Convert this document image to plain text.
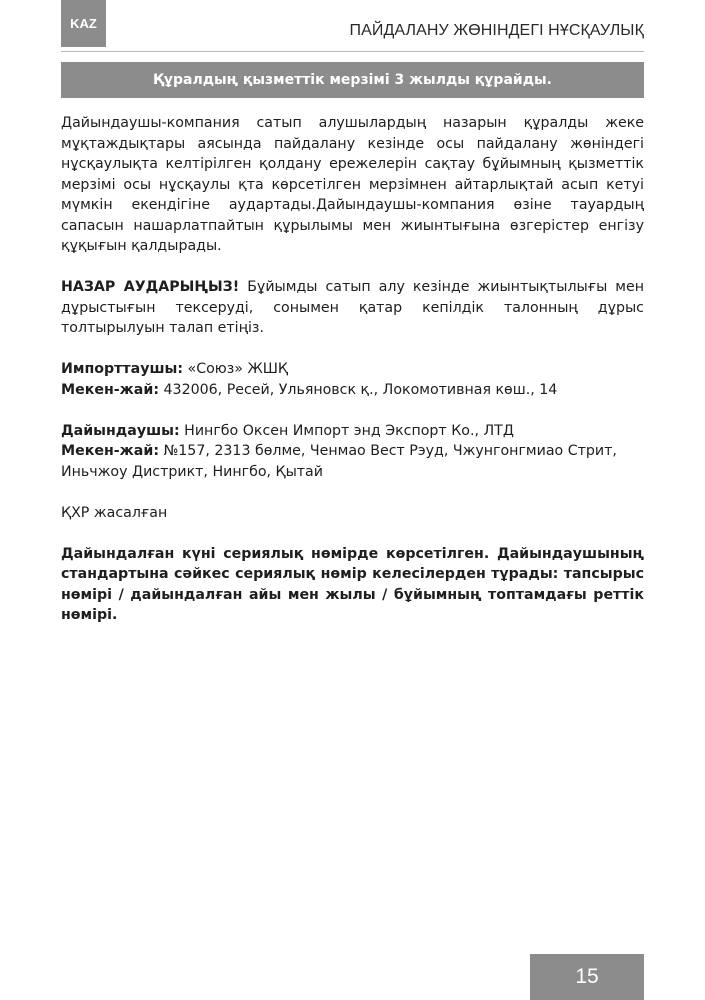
KAZ	ПАЙДАЛАНУ ЖӨНІНДЕГІ НҰСҚАУЛЫҚ
Құралдың қызметтік мерзімі 3 жылды құрайды.

Дайындаушы-компания сатып алушылардың назарын құралды жеке мұқтаждықтары аясында пайдалану кезінде осы пайдалану жөніндегі нұсқаулықта келтірілген қолдану ережелерін сақтау бұйымның қызметтік мерзімі осы нұсқаулы қта көрсетілген мерзімнен айтарлықтай асып кетуі мүмкін екендігіне аудартады.Дайындаушы-компания өзіне тауардың сапасын нашарлатпайтын құрылымы мен жиынтығына өзгерістер енгізу құқығын қалдырады.

НАЗАР АУДАРЫҢЫЗ! Бұйымды сатып алу кезінде жиынтықтылығы мен дұрыстығын тексеруді, сонымен қатар кепілдік талонның дұрыс толтырылуын талап етіңіз.

Импорттаушы: «Союз» ЖШҚ

Мекен-жай: 432006, Ресей, Ульяновск қ., Локомотивная көш., 14

Дайындаушы: Нингбо Оксен Импорт энд Экспорт Ко., ЛТД

Мекен-жай: №157, 2313 бөлме, Ченмао Вест Рэуд, Чжунгонгмиао Стрит, Иньчжоу Дистрикт, Нингбо, Қытай

ҚХР жасалған

Дайындалған күні сериялық нөмірде көрсетілген. Дайындаушының стандартына сәйкес сериялық нөмір келесілерден тұрады: тапсырыс нөмірі / дайындалған айы мен жылы / бұйымның топтамдағы реттік нөмірі.

15
